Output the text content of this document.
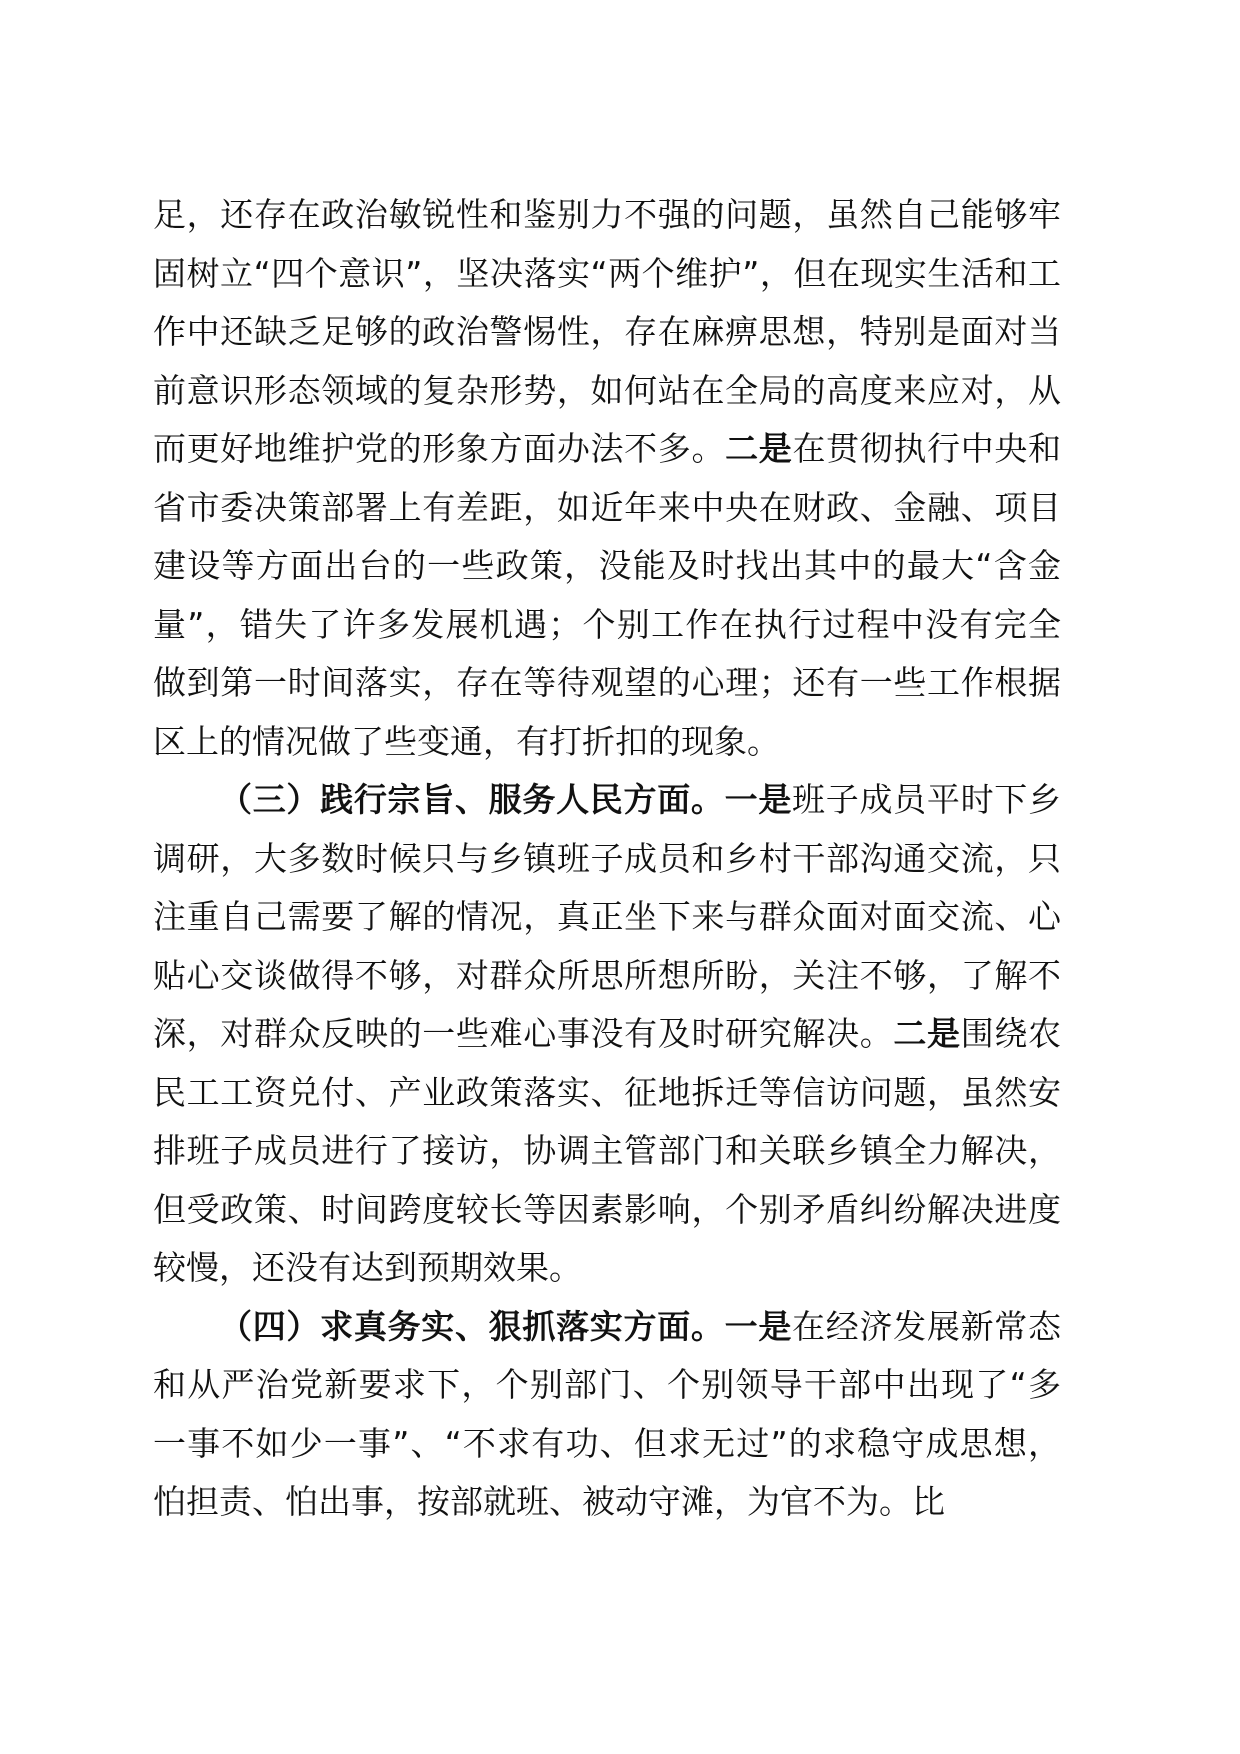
足，还存在政治敏锐性和鉴别力不强的问题，虽然自己能够牢固树立“四个意识”，坚决落实“两个维护”，但在现实生活和工作中还缺乏足够的政治警惕性，存在麻痹思想，特别是面对当前意识形态领域的复杂形势，如何站在全局的高度来应对，从而更好地维护党的形象方面办法不多。二是在贯彻执行中央和省市委决策部署上有差距，如近年来中央在财政、金融、项目建设等方面出台的一些政策，没能及时找出其中的最大“含金量”，错失了许多发展机遇；个别工作在执行过程中没有完全做到第一时间落实，存在等待观望的心理；还有一些工作根据区上的情况做了些变通，有打折扣的现象。

（三）践行宗旨、服务人民方面。一是班子成员平时下乡调研，大多数时候只与乡镇班子成员和乡村干部沟通交流，只注重自己需要了解的情况，真正坐下来与群众面对面交流、心贴心交谈做得不够，对群众所思所想所盼，关注不够，了解不深，对群众反映的一些难心事没有及时研究解决。二是围绕农民工工资兑付、产业政策落实、征地拆迁等信访问题，虽然安排班子成员进行了接访，协调主管部门和关联乡镇全力解决，但受政策、时间跨度较长等因素影响，个别矛盾纠纷解决进度较慢，还没有达到预期效果。

（四）求真务实、狠抓落实方面。一是在经济发展新常态和从严治党新要求下，个别部门、个别领导干部中出现了“多一事不如少一事”、“不求有功、但求无过”的求稳守成思想，怕担责、怕出事，按部就班、被动守滩，为官不为。比
